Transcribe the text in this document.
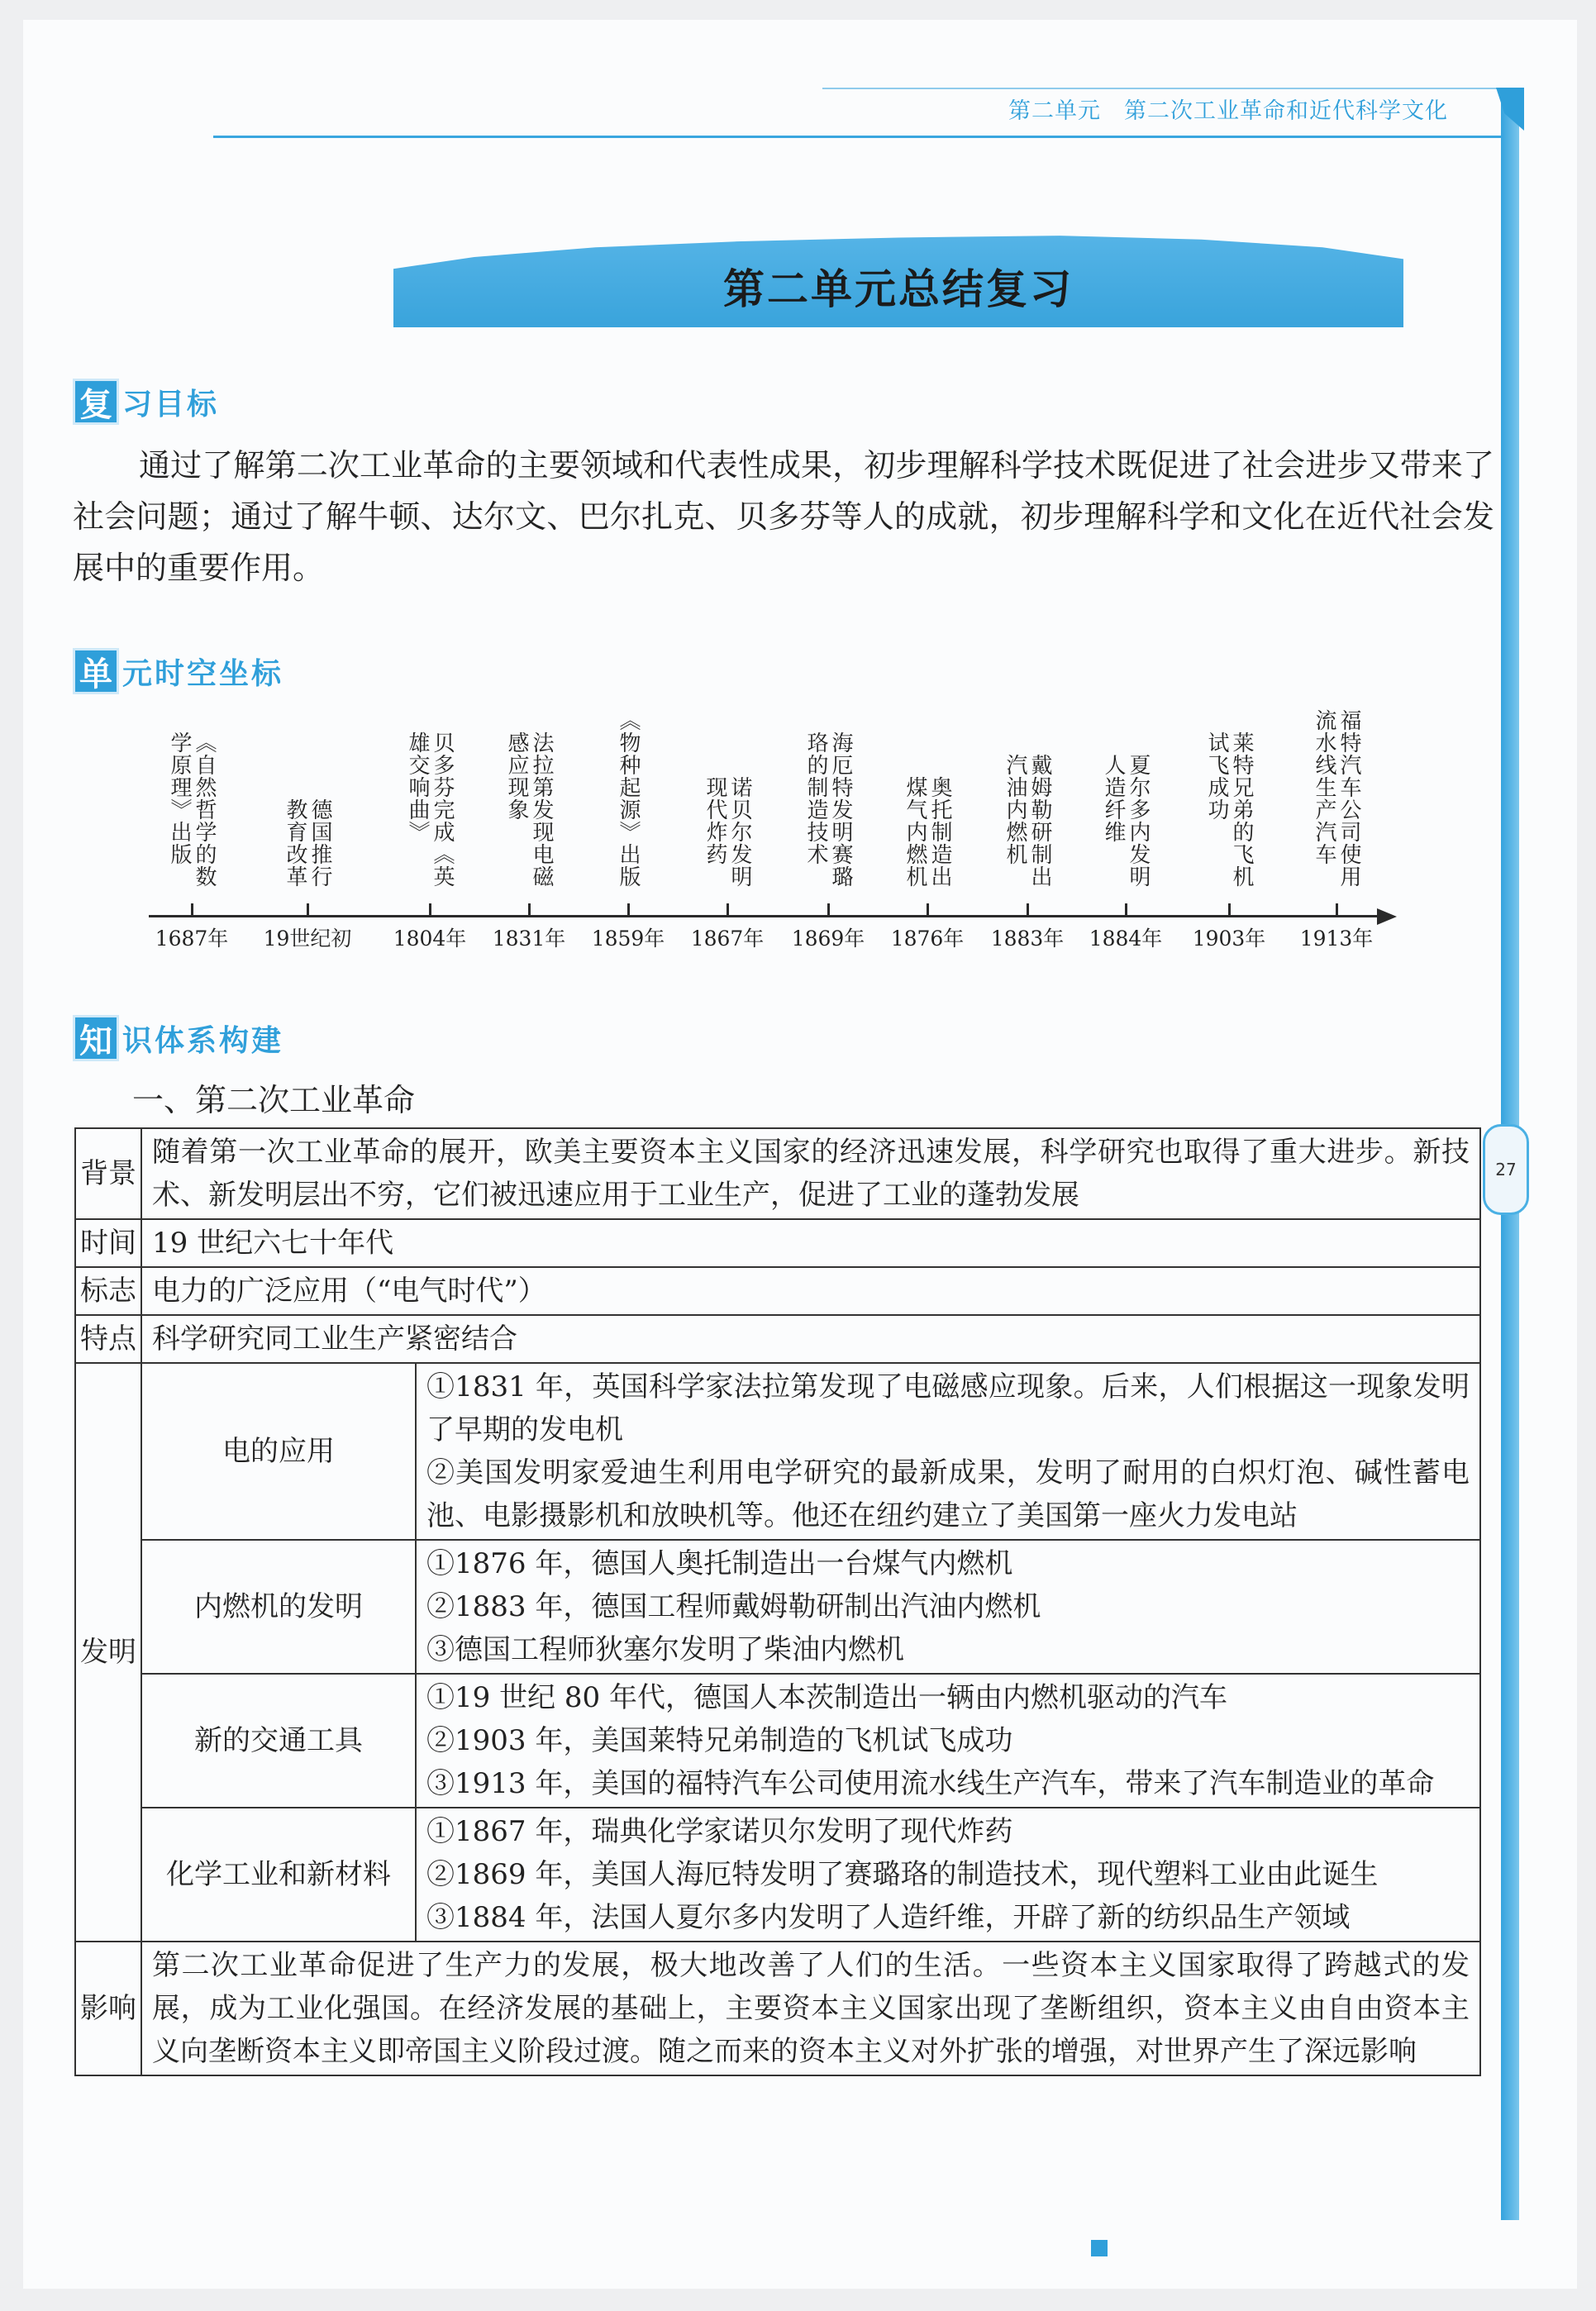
第二单元 第二次工业革命和近代科学文化
27
第二单元总结复习
复 习目标
通过了解第二次工业革命的主要领域和代表性成果，初步理解科学技术既促进了社会进步又带来了社会问题；通过了解牛顿、达尔文、巴尔扎克、贝多芬等人的成就，初步理解科学和文化在近代社会发展中的重要作用。
单 元时空坐标
1687年
《自然哲学的数
学原理》出版
19世纪初
德国推行
教育改革
1804年
贝多芬完成《英
雄交响曲》
1831年
法拉第发现电磁
感应现象
1859年
《物种起源》出版
1867年
诺贝尔发明
现代炸药
1869年
海厄特发明赛璐
珞的制造技术
1876年
奥托制造出
煤气内燃机
1883年
戴姆勒研制出
汽油内燃机
1884年
夏尔多内发明
人造纤维
1903年
莱特兄弟的飞机
试飞成功
1913年
福特汽车公司使用
流水线生产汽车
一、第二次工业革命
知 识体系构建
背景	随着第一次工业革命的展开，欧美主要资本主义国家的经济迅速发展，科学研究也取得了重大进步。新技术、新发明层出不穷，它们被迅速应用于工业生产，促进了工业的蓬勃发展	
时间	19 世纪六七十年代	
标志	电力的广泛应用（“电气时代”）	
特点	科学研究同工业生产紧密结合	
发明	电的应用	①1831 年，英国科学家法拉第发现了电磁感应现象。后来，人们根据这一现象发明了早期的发电机
②美国发明家爱迪生利用电学研究的最新成果，发明了耐用的白炽灯泡、碱性蓄电池、电影摄影机和放映机等。他还在纽约建立了美国第一座火力发电站

	内燃机的发明	①1876 年，德国人奥托制造出一台煤气内燃机
②1883 年，德国工程师戴姆勒研制出汽油内燃机
③德国工程师狄塞尔发明了柴油内燃机

	新的交通工具	①19 世纪 80 年代，德国人本茨制造出一辆由内燃机驱动的汽车
②1903 年，美国莱特兄弟制造的飞机试飞成功
③1913 年，美国的福特汽车公司使用流水线生产汽车，带来了汽车制造业的革命

	化学工业和新材料	①1867 年，瑞典化学家诺贝尔发明了现代炸药
②1869 年，美国人海厄特发明了赛璐珞的制造技术，现代塑料工业由此诞生
③1884 年，法国人夏尔多内发明了人造纤维，开辟了新的纺织品生产领域

影响	第二次工业革命促进了生产力的发展，极大地改善了人们的生活。一些资本主义国家取得了跨越式的发展，成为工业化强国。在经济发展的基础上，主要资本主义国家出现了垄断组织，资本主义由自由资本主义向垄断资本主义即帝国主义阶段过渡。随之而来的资本主义对外扩张的增强，对世界产生了深远影响	
